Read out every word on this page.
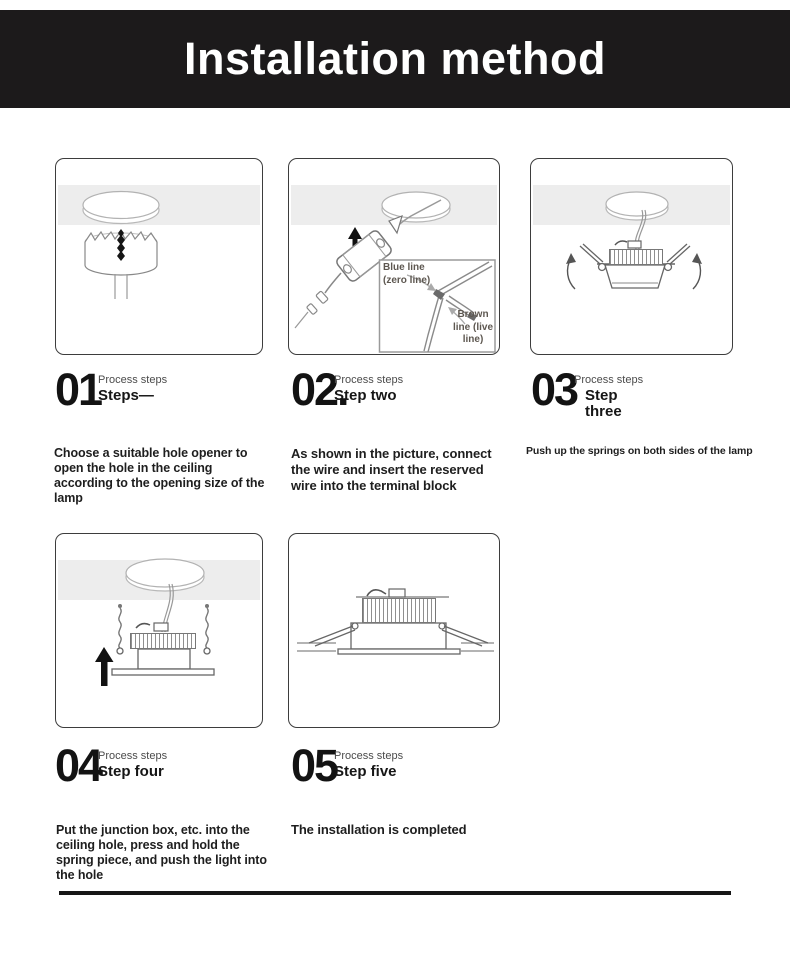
Installation method
Blue line (zero line)
Brown line (live line)
01
Process steps
Steps—	02.
Process steps
Step two	03
Process steps
Step three
04
Process steps
Step four	05
Process steps
Step five

Choose a suitable hole opener to open the hole in the ceiling according to the opening size of the lamp

As shown in the picture, connect the wire and insert the reserved wire into the terminal block

Push up the springs on both sides of the lamp

Put the junction box, etc. into the ceiling hole, press and hold the spring piece, and push the light into the hole

The installation is completed
